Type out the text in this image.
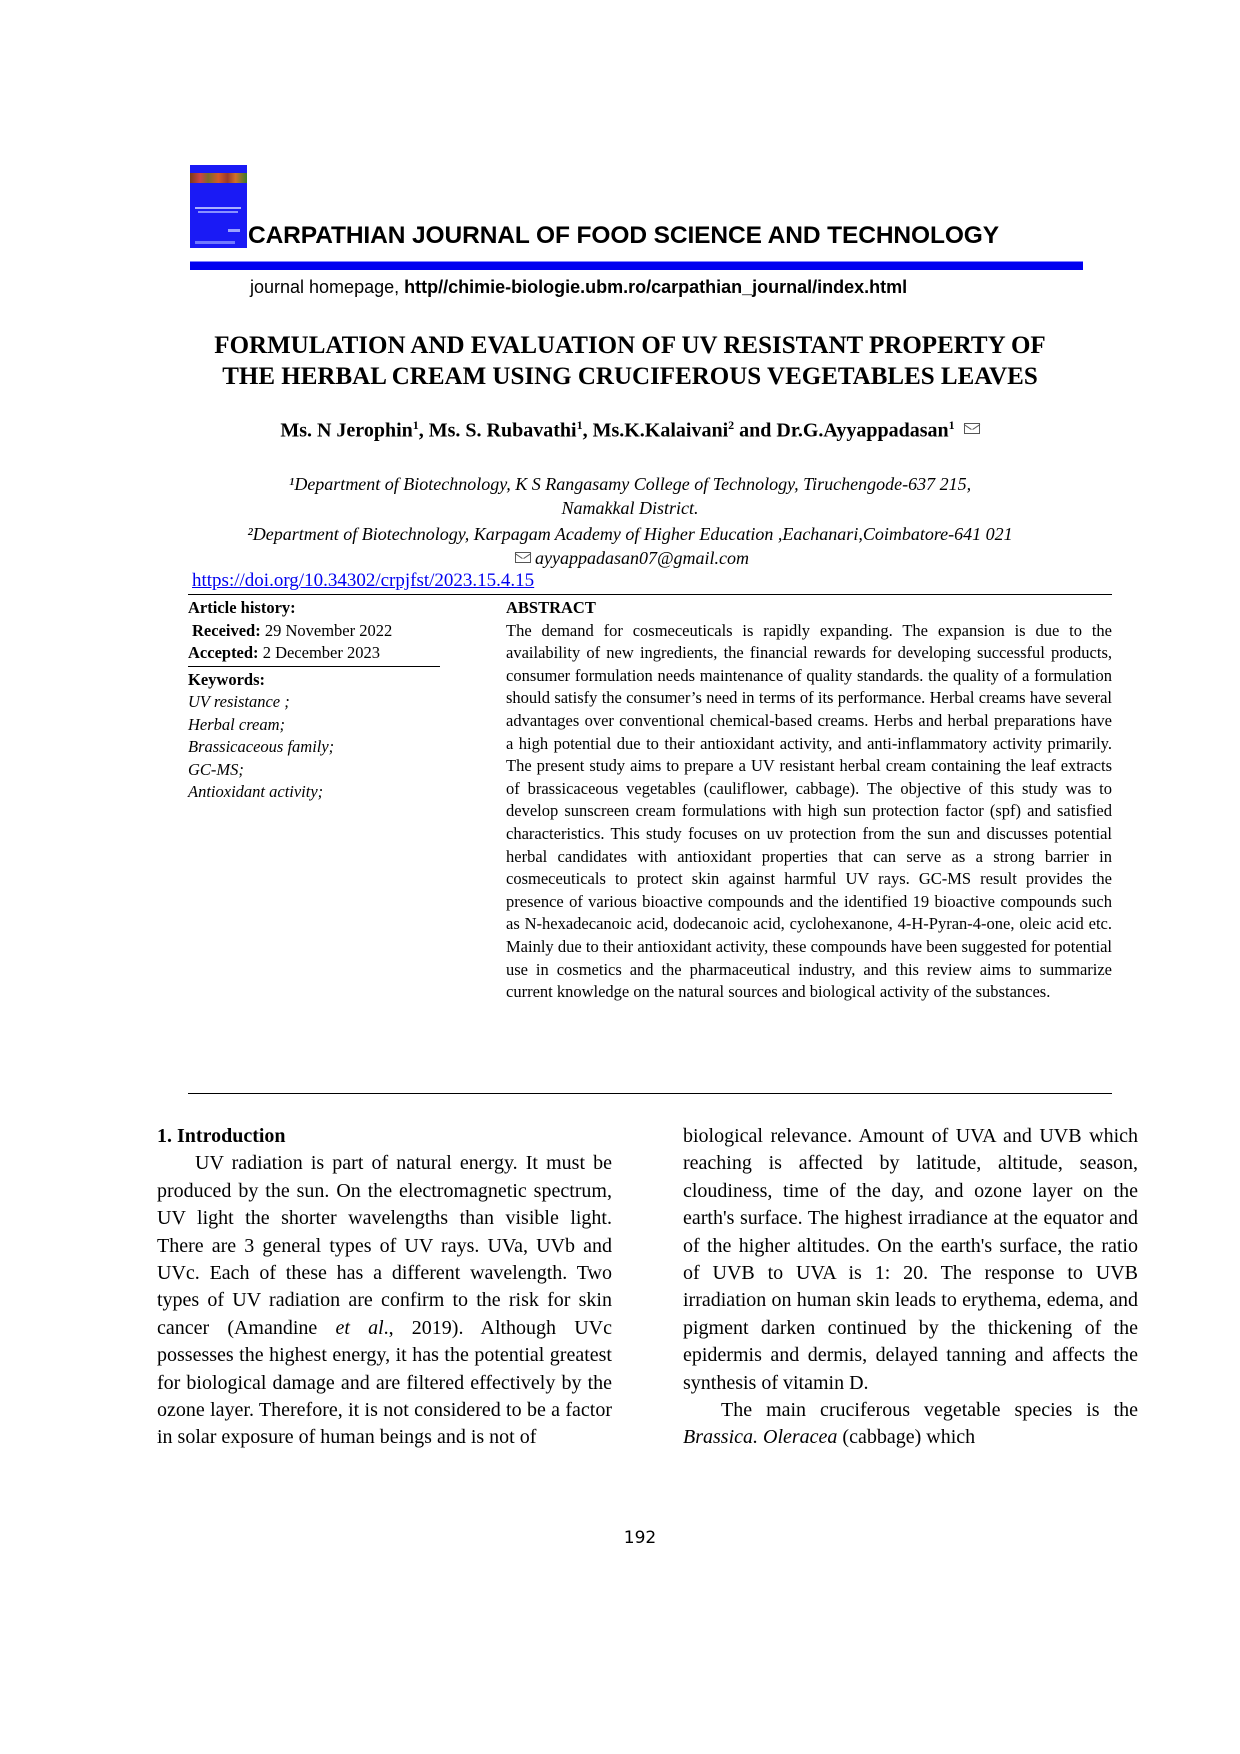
CARPATHIAN JOURNAL OF FOOD SCIENCE AND TECHNOLOGY
journal homepage, http//chimie-biologie.ubm.ro/carpathian_journal/index.html
FORMULATION AND EVALUATION OF UV RESISTANT PROPERTY OF
THE HERBAL CREAM USING CRUCIFEROUS VEGETABLES LEAVES
Ms. N Jerophin$^1$, Ms. S. Rubavathi$^1$, Ms.K.Kalaivani$^2$ and Dr.G.Ayyappadasan$^1$
¹Department of Biotechnology, K S Rangasamy College of Technology, Tiruchengode-637 215,
Namakkal District.
²Department of Biotechnology, Karpagam Academy of Higher Education ,Eachanari,Coimbatore-641 021
ayyappadasan07@gmail.com
https://doi.org/10.34302/crpjfst/2023.15.4.15
Article history:
Received: 29 November 2022
Accepted: 2 December 2023
Keywords:
UV resistance ;
Herbal cream;
Brassicaceous family;
GC-MS;
Antioxidant activity;
ABSTRACT

The demand for cosmeceuticals is rapidly expanding. The expansion is due to the availability of new ingredients, the financial rewards for developing successful products, consumer formulation needs maintenance of quality standards. the quality of a formulation should satisfy the consumer’s need in terms of its performance. Herbal creams have several advantages over conventional chemical-based creams. Herbs and herbal preparations have a high potential due to their antioxidant activity, and anti-inflammatory activity primarily. The present study aims to prepare a UV resistant herbal cream containing the leaf extracts of brassicaceous vegetables (cauliflower, cabbage). The objective of this study was to develop sunscreen cream formulations with high sun protection factor (spf) and satisfied characteristics. This study focuses on uv protection from the sun and discusses potential herbal candidates with antioxidant properties that can serve as a strong barrier in cosmeceuticals to protect skin against harmful UV rays. GC-MS result provides the presence of various bioactive compounds and the identified 19 bioactive compounds such as N-hexadecanoic acid, dodecanoic acid, cyclohexanone, 4-H-Pyran-4-one, oleic acid etc. Mainly due to their antioxidant activity, these compounds have been suggested for potential use in cosmetics and the pharmaceutical industry, and this review aims to summarize current knowledge on the natural sources and biological activity of the substances.

1. Introduction

UV radiation is part of natural energy. It must be produced by the sun. On the electromagnetic spectrum, UV light the shorter wavelengths than visible light. There are 3 general types of UV rays. UVa, UVb and UVc. Each of these has a different wavelength. Two types of UV radiation are confirm to the risk for skin cancer (Amandine et al., 2019). Although UVc possesses the highest energy, it has the potential greatest for biological damage and are filtered effectively by the ozone layer. Therefore, it is not considered to be a factor in solar exposure of human beings and is not of

biological relevance. Amount of UVA and UVB which reaching is affected by latitude, altitude, season, cloudiness, time of the day, and ozone layer on the earth's surface. The highest irradiance at the equator and of the higher altitudes. On the earth's surface, the ratio of UVB to UVA is 1: 20. The response to UVB irradiation on human skin leads to erythema, edema, and pigment darken continued by the thickening of the epidermis and dermis, delayed tanning and affects the synthesis of vitamin D.

The main cruciferous vegetable species is the Brassica. Oleracea (cabbage) which

192
